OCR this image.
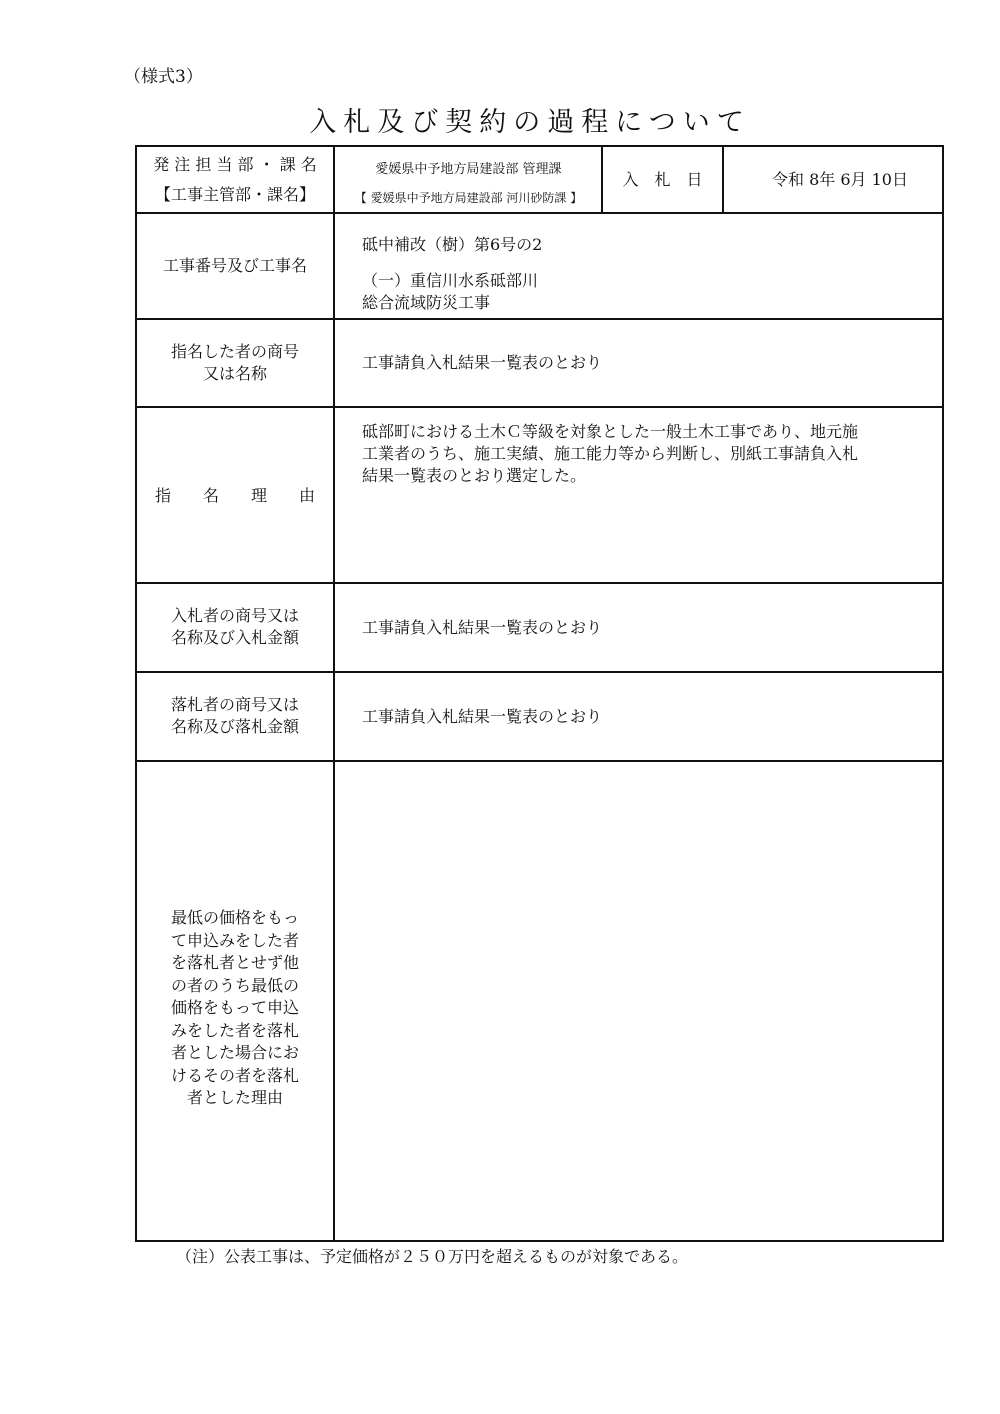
（様式3）
入札及び契約の過程について
発 注 担 当 部 ・ 課 名
【工事主管部・課名】
愛媛県中予地方局建設部 管理課
【 愛媛県中予地方局建設部 河川砂防課 】
入　札　日	令和 8年 6月 10日
工事番号及び工事名
砥中補改（樹）第6号の2
（一）重信川水系砥部川
総合流域防災工事
指名した者の商号
又は名称
工事請負入札結果一覧表のとおり
指　　名　　理　　由
砥部町における土木Ｃ等級を対象とした一般土木工事であり、地元施
工業者のうち、施工実績、施工能力等から判断し、別紙工事請負入札
結果一覧表のとおり選定した。
入札者の商号又は
名称及び入札金額
工事請負入札結果一覧表のとおり
落札者の商号又は
名称及び落札金額
工事請負入札結果一覧表のとおり
最低の価格をもっ
て申込みをした者
を落札者とせず他
の者のうち最低の
価格をもって申込
みをした者を落札
者とした場合にお
けるその者を落札
者とした理由
（注）公表工事は、予定価格が２５０万円を超えるものが対象である。
